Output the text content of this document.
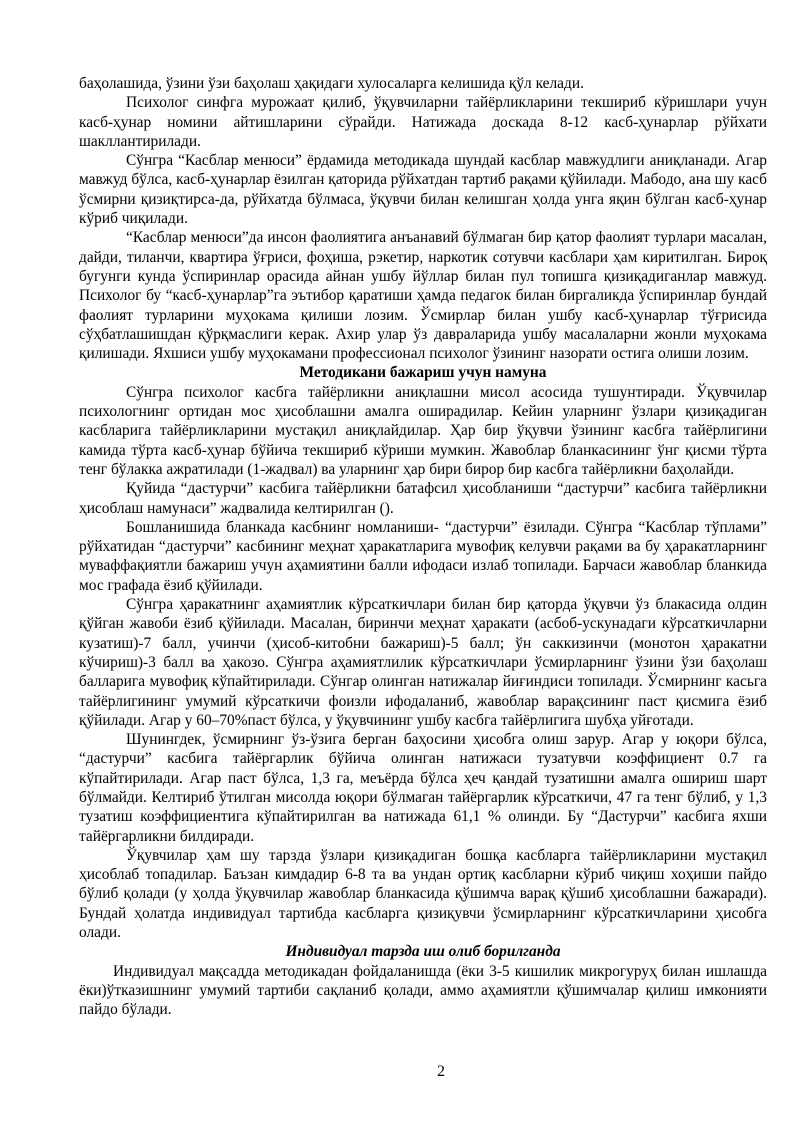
баҳолашида, ўзини ўзи баҳолаш ҳақидаги хулосаларга келишида қўл келади.

Психолог синфга мурожаат қилиб, ўқувчиларни тайёрликларини текшириб кўришлари учун касб-ҳунар номини айтишларини сўрайди. Натижада доскада 8-12 касб-ҳунарлар рўйхати шакллантирилади.

Сўнгра “Касблар менюси” ёрдамида методикада шундай касблар мавжудлиги аниқланади. Агар мавжуд бўлса, касб-ҳунарлар ёзилган қаторида рўйхатдан тартиб рақами қўйилади. Мабодо, ана шу касб ўсмирни қизиқтирса-да, рўйхатда бўлмаса, ўқувчи билан келишган ҳолда унга яқин бўлган касб-ҳунар кўриб чиқилади.

“Касблар менюси”да инсон фаолиятига анъанавий бўлмаган бир қатор фаолият турлари масалан, дайди, тиланчи, квартира ўғриси, фоҳиша, рэкетир, наркотик сотувчи касблари ҳам киритилган. Бироқ бугунги кунда ўспиринлар орасида айнан ушбу йўллар билан пул топишга қизиқадиганлар мавжуд. Психолог бу “касб-ҳунарлар”га эътибор қаратиши ҳамда педагок билан биргаликда ўспиринлар бундай фаолият турларини муҳокама қилиши лозим. Ўсмирлар билан ушбу касб-ҳунарлар тўғрисида сўҳбатлашишдан қўрқмаслиги керак. Ахир улар ўз давраларида ушбу масалаларни жонли муҳокама қилишади. Яхшиси ушбу муҳокамани профессионал психолог ўзининг назорати остига олиши лозим.

Методикани бажариш учун намуна

Сўнгра психолог касбга тайёрликни аниқлашни мисол асосида тушунтиради. Ўқувчилар психологнинг ортидан мос ҳисоблашни амалга оширадилар. Кейин уларнинг ўзлари қизиқадиган касбларига тайёрликларини мустақил аниқлайдилар. Ҳар бир ўқувчи ўзининг касбга тайёрлигини камида тўрта касб-ҳунар бўйича текшириб кўриши мумкин. Жавоблар бланкасининг ўнг қисми тўрта тенг бўлакка ажратилади (1-жадвал) ва уларнинг ҳар бири бирор бир касбга тайёрликни баҳолайди.

Қуйида “дастурчи” касбига тайёрликни батафсил ҳисобланиши “дастурчи” касбига тайёрликни ҳисоблаш намунаси” жадвалида келтирилган ().

Бошланишида бланкада касбнинг номланиши- “дастурчи” ёзилади. Сўнгра “Касблар тўплами” рўйхатидан “дастурчи” касбининг меҳнат ҳаракатларига мувофиқ келувчи рақами ва бу ҳаракатларнинг муваффақиятли бажариш учун аҳамиятини балли ифодаси излаб топилади. Барчаси жавоблар бланкида мос графада ёзиб қўйилади.

Сўнгра ҳаракатнинг аҳамиятлик кўрсаткичлари билан бир қаторда ўқувчи ўз блакасида олдин қўйган жавоби ёзиб қўйилади. Масалан, биринчи меҳнат ҳаракати (асбоб-ускунадаги кўрсаткичларни кузатиш)-7 балл, учинчи (ҳисоб-китобни бажариш)-5 балл; ўн саккизинчи (монотон ҳаракатни кўчириш)-3 балл ва ҳакозо. Сўнгра аҳамиятлилик кўрсаткичлари ўсмирларнинг ўзини ўзи баҳолаш балларига мувофиқ кўпайтирилади. Сўнгар олинган натижалар йиғиндиси топилади. Ўсмирнинг касьга тайёрлигининг умумий кўрсаткичи фоизли ифодаланиб, жавоблар варақсининг паст қисмига ёзиб қўйилади. Агар у 60–70%паст бўлса, у ўқувчининг ушбу касбга тайёрлигига шубҳа уйғотади.

Шунингдек, ўсмирнинг ўз-ўзига берган баҳосини ҳисобга олиш зарур. Агар у юқори бўлса, “дастурчи” касбига тайёргарлик бўйича олинган натижаси тузатувчи коэффициент 0.7 га кўпайтирилади. Агар паст бўлса, 1,3 га, меъёрда бўлса ҳеч қандай тузатишни амалга ошириш шарт бўлмайди. Келтириб ўтилган мисолда юқори бўлмаган тайёргарлик кўрсаткичи, 47 га тенг бўлиб, у 1,3 тузатиш коэффициентига кўпайтирилган ва натижада 61,1 % олинди. Бу “Дастурчи” касбига яхши тайёргарликни билдиради.

Ўқувчилар ҳам шу тарзда ўзлари қизиқадиган бошқа касбларга тайёрликларини мустақил ҳисоблаб топадилар. Баъзан кимдадир 6-8 та ва ундан ортиқ касбларни кўриб чиқиш хоҳиши пайдо бўлиб қолади (у ҳолда ўқувчилар жавоблар бланкасида қўшимча варақ қўшиб ҳисоблашни бажаради). Бундай ҳолатда индивидуал тартибда касбларга қизиқувчи ўсмирларнинг кўрсаткичларини ҳисобга олади.

Индивидуал тарзда иш олиб борилганда

Индивидуал мақсадда методикадан фойдаланишда (ёки 3-5 кишилик микрогуруҳ билан ишлашда ёки)ўтказишнинг умумий тартиби сақланиб қолади, аммо аҳамиятли қўшимчалар қилиш имконияти пайдо бўлади.

2
